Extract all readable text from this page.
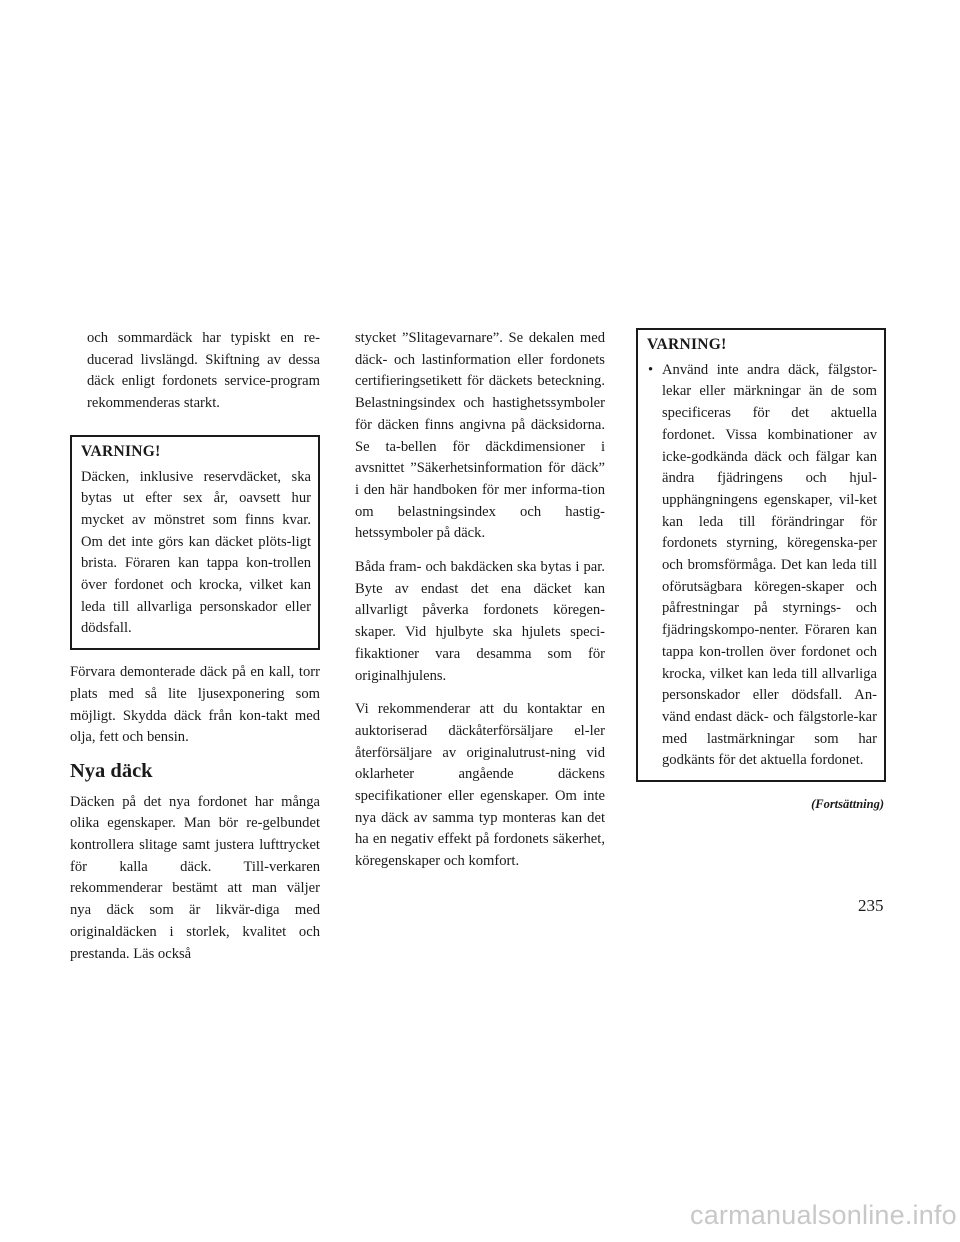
och sommardäck har typiskt en re-ducerad livslängd. Skiftning av dessa däck enligt fordonets service-program rekommenderas starkt.

VARNING!

Däcken, inklusive reservdäcket, ska bytas ut efter sex år, oavsett hur mycket av mönstret som finns kvar. Om det inte görs kan däcket plöts-ligt brista. Föraren kan tappa kon-trollen över fordonet och krocka, vilket kan leda till allvarliga personskador eller dödsfall.

Förvara demonterade däck på en kall, torr plats med så lite ljusexponering som möjligt. Skydda däck från kon-takt med olja, fett och bensin.

Nya däck

Däcken på det nya fordonet har många olika egenskaper. Man bör re-gelbundet kontrollera slitage samt justera lufttrycket för kalla däck. Till-verkaren rekommenderar bestämt att man väljer nya däck som är likvär-diga med originaldäcken i storlek, kvalitet och prestanda. Läs också

stycket ”Slitagevarnare”. Se dekalen med däck- och lastinformation eller fordonets certifieringsetikett för däckets beteckning. Belastningsindex och hastighetssymboler för däcken finns angivna på däcksidorna. Se ta-bellen för däckdimensioner i avsnittet ”Säkerhetsinformation för däck” i den här handboken för mer informa-tion om belastningsindex och hastig-hetssymboler på däck.

Båda fram- och bakdäcken ska bytas i par. Byte av endast det ena däcket kan allvarligt påverka fordonets köregen-skaper. Vid hjulbyte ska hjulets speci-fikaktioner vara desamma som för originalhjulens.

Vi rekommenderar att du kontaktar en auktoriserad däckåterförsäljare el-ler återförsäljare av originalutrust-ning vid oklarheter angående däckens specifikationer eller egenskaper. Om inte nya däck av samma typ monteras kan det ha en negativ effekt på fordonets säkerhet, köregenskaper och komfort.

VARNING!
• Använd inte andra däck, fälgstor-lekar eller märkningar än de som specificeras för det aktuella fordonet. Vissa kombinationer av icke-godkända däck och fälgar kan ändra fjädringens och hjul-upphängningens egenskaper, vil-ket kan leda till förändringar för fordonets styrning, köregenska-per och bromsförmåga. Det kan leda till oförutsägbara köregen-skaper och påfrestningar på styrnings- och fjädringskompo-nenter. Föraren kan tappa kon-trollen över fordonet och krocka, vilket kan leda till allvarliga personskador eller dödsfall. An-vänd endast däck- och fälgstorle-kar med lastmärkningar som har godkänts för det aktuella fordonet.
(Fortsättning)
235
carmanualsonline.info
